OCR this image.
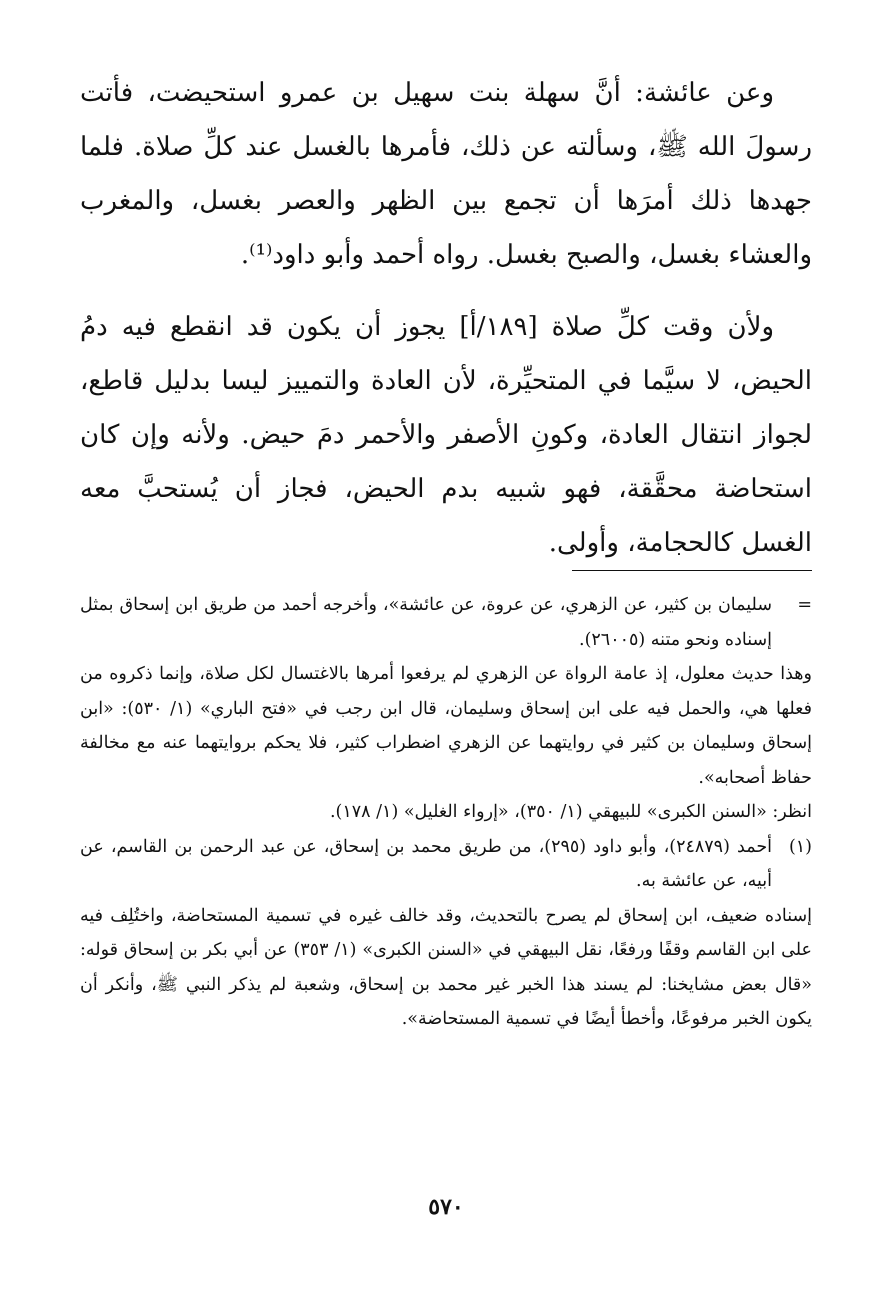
وعن عائشة: أنَّ سهلة بنت سهيل بن عمرو استحيضت، فأتت رسولَ الله ﷺ، وسألته عن ذلك، فأمرها بالغسل عند كلِّ صلاة. فلما جهدها ذلك أمرَها أن تجمع بين الظهر والعصر بغسل، والمغرب والعشاء بغسل، والصبح بغسل. رواه أحمد وأبو داود⁽¹⁾.

ولأن وقت كلِّ صلاة [١٨٩/أ] يجوز أن يكون قد انقطع فيه دمُ الحيض، لا سيَّما في المتحيِّرة، لأن العادة والتمييز ليسا بدليل قاطع، لجواز انتقال العادة، وكونِ الأصفر والأحمر دمَ حيض. ولأنه وإن كان استحاضة محقَّقة، فهو شبيه بدم الحيض، فجاز أن يُستحبَّ معه الغسل كالحجامة، وأولى.

=
سليمان بن كثير، عن الزهري، عن عروة، عن عائشة»، وأخرجه أحمد من طريق ابن إسحاق بمثل إسناده ونحو متنه (٢٦٠٠٥).

وهذا حديث معلول، إذ عامة الرواة عن الزهري لم يرفعوا أمرها بالاغتسال لكل صلاة، وإنما ذكروه من فعلها هي، والحمل فيه على ابن إسحاق وسليمان، قال ابن رجب في «فتح الباري» (١/ ٥٣٠): «ابن إسحاق وسليمان بن كثير في روايتهما عن الزهري اضطراب كثير، فلا يحكم بروايتهما عنه مع مخالفة حفاظ أصحابه».

انظر: «السنن الكبرى» للبيهقي (١/ ٣٥٠)، «إرواء الغليل» (١/ ١٧٨).

(١)
أحمد (٢٤٨٧٩)، وأبو داود (٢٩٥)، من طريق محمد بن إسحاق، عن عبد الرحمن بن القاسم، عن أبيه، عن عائشة به.

إسناده ضعيف، ابن إسحاق لم يصرح بالتحديث، وقد خالف غيره في تسمية المستحاضة، واختُلِف فيه على ابن القاسم وقفًا ورفعًا، نقل البيهقي في «السنن الكبرى» (١/ ٣٥٣) عن أبي بكر بن إسحاق قوله: «قال بعض مشايخنا: لم يسند هذا الخبر غير محمد بن إسحاق، وشعبة لم يذكر النبي ﷺ، وأنكر أن يكون الخبر مرفوعًا، وأخطأ أيضًا في تسمية المستحاضة».

٥٧٠
